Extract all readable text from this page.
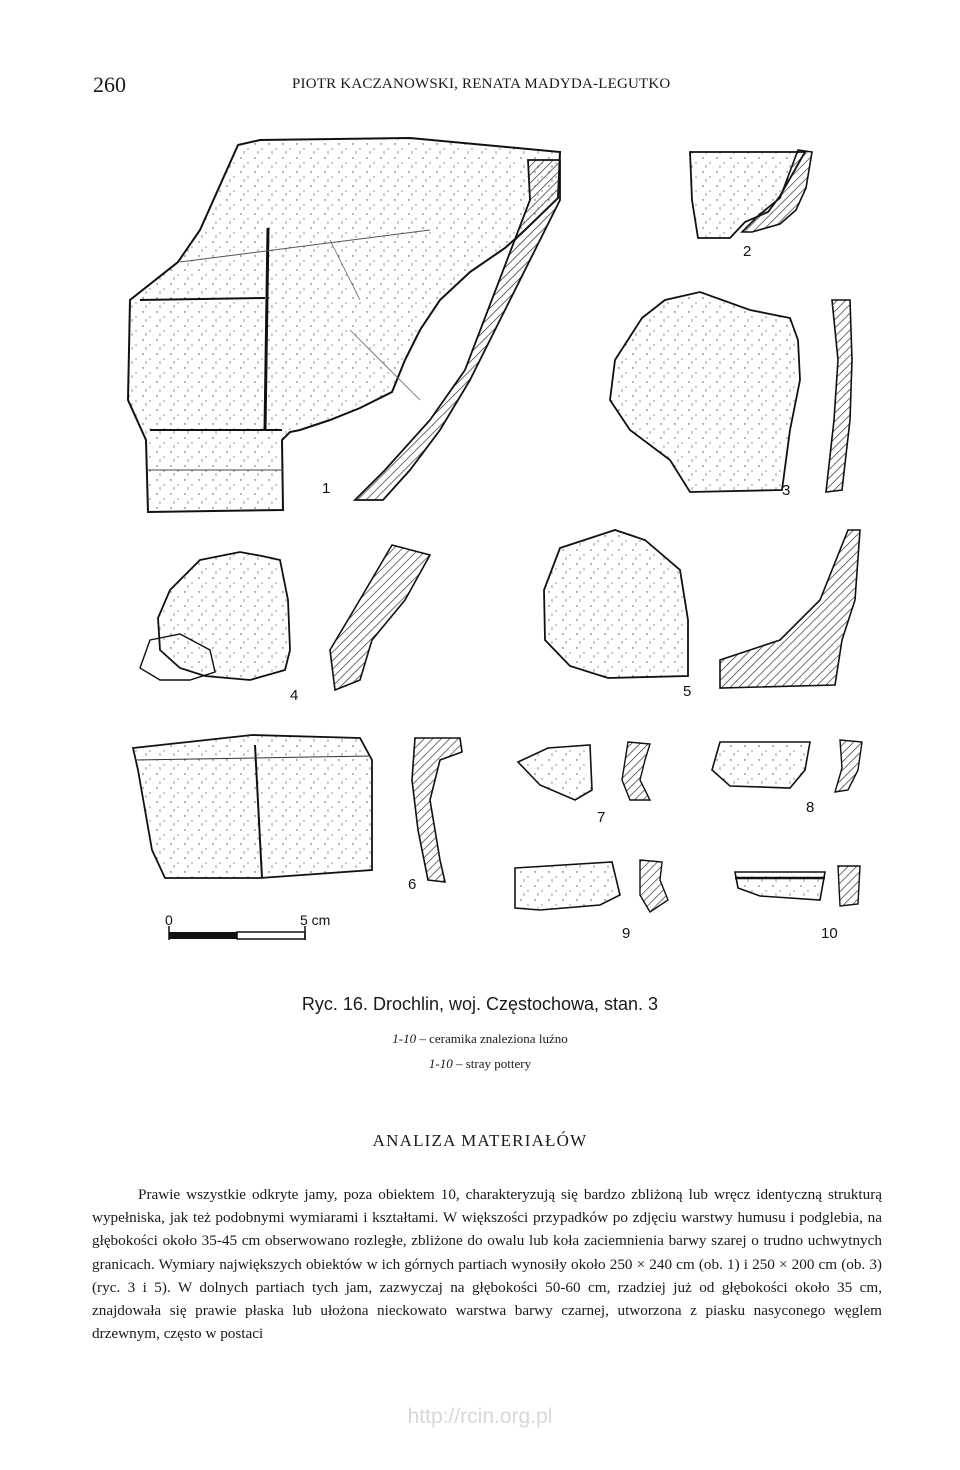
260	PIOTR KACZANOWSKI, RENATA MADYDA-LEGUTKO
1
2
3
4	5
6
7
8
9	10
0	5 cm
Ryc. 16. Drochlin, woj. Częstochowa, stan. 3
1-10 – ceramika znaleziona luźno
1-10 – stray pottery
ANALIZA MATERIAŁÓW

Prawie wszystkie odkryte jamy, poza obiektem 10, charakteryzują się bardzo zbliżoną lub wręcz identyczną strukturą wypełniska, jak też podobnymi wymiarami i kształtami. W większości przypadków po zdjęciu warstwy humusu i podglebia, na głębokości około 35-45 cm obserwowano rozległe, zbliżone do owalu lub koła zaciemnienia barwy szarej o trudno uchwytnych granicach. Wymiary największych obiektów w ich górnych partiach wynosiły około 250 × 240 cm (ob. 1) i 250 × 200 cm (ob. 3) (ryc. 3 i 5). W dolnych partiach tych jam, zazwyczaj na głębokości 50-60 cm, rzadziej już od głębokości około 35 cm, znajdowała się prawie płaska lub ułożona nieckowato warstwa barwy czarnej, utworzona z piasku nasyconego węglem drzewnym, często w postaci

http://rcin.org.pl
